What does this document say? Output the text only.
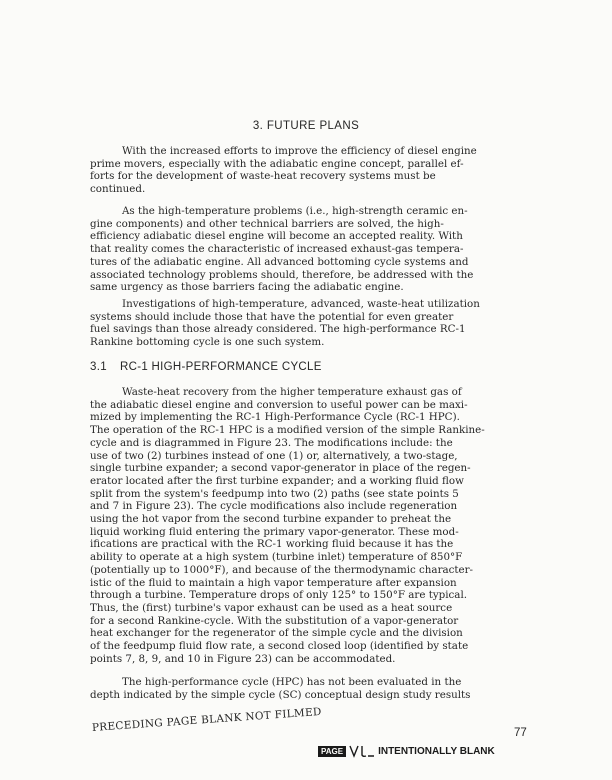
3. FUTURE PLANS
With the increased efforts to improve the efficiency of diesel engine
prime movers, especially with the adiabatic engine concept, parallel ef-
forts for the development of waste-heat recovery systems must be
continued.
As the high-temperature problems (i.e., high-strength ceramic en-
gine components) and other technical barriers are solved, the high-
efficiency adiabatic diesel engine will become an accepted reality. With
that reality comes the characteristic of increased exhaust-gas tempera-
tures of the adiabatic engine. All advanced bottoming cycle systems and
associated technology problems should, therefore, be addressed with the
same urgency as those barriers facing the adiabatic engine.
Investigations of high-temperature, advanced, waste-heat utilization
systems should include those that have the potential for even greater
fuel savings than those already considered. The high-performance RC-1
Rankine bottoming cycle is one such system.
3.1 RC-1 HIGH-PERFORMANCE CYCLE
Waste-heat recovery from the higher temperature exhaust gas of
the adiabatic diesel engine and conversion to useful power can be maxi-
mized by implementing the RC-1 High-Performance Cycle (RC-1 HPC).
The operation of the RC-1 HPC is a modified version of the simple Rankine-
cycle and is diagrammed in Figure 23. The modifications include: the
use of two (2) turbines instead of one (1) or, alternatively, a two-stage,
single turbine expander; a second vapor-generator in place of the regen-
erator located after the first turbine expander; and a working fluid flow
split from the system's feedpump into two (2) paths (see state points 5
and 7 in Figure 23). The cycle modifications also include regeneration
using the hot vapor from the second turbine expander to preheat the
liquid working fluid entering the primary vapor-generator. These mod-
ifications are practical with the RC-1 working fluid because it has the
ability to operate at a high system (turbine inlet) temperature of 850°F
(potentially up to 1000°F), and because of the thermodynamic character-
istic of the fluid to maintain a high vapor temperature after expansion
through a turbine. Temperature drops of only 125° to 150°F are typical.
Thus, the (first) turbine's vapor exhaust can be used as a heat source
for a second Rankine-cycle. With the substitution of a vapor-generator
heat exchanger for the regenerator of the simple cycle and the division
of the feedpump fluid flow rate, a second closed loop (identified by state
points 7, 8, 9, and 10 in Figure 23) can be accommodated.
The high-performance cycle (HPC) has not been evaluated in the
depth indicated by the simple cycle (SC) conceptual design study results
PRECEDING PAGE BLANK NOT FILMED	77
PAGE	INTENTIONALLY BLANK
